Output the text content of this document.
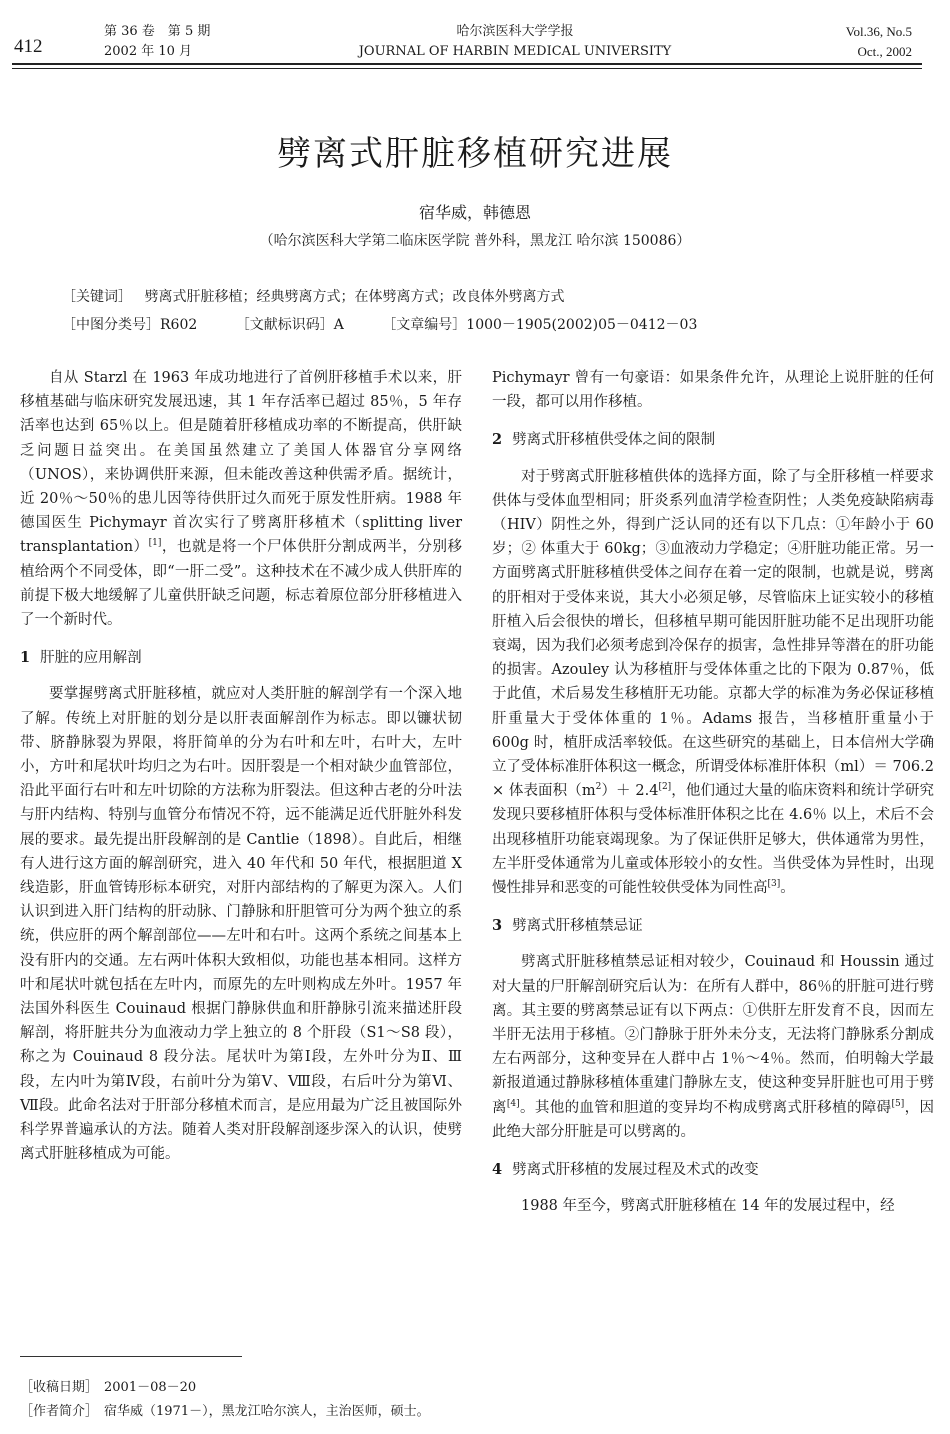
412
第 36 卷　第 5 期
2002 年 10 月
哈尔滨医科大学学报
JOURNAL OF HARBIN MEDICAL UNIVERSITY
Vol.36, No.5
Oct., 2002
劈离式肝脏移植研究进展
宿华威，韩德恩
（哈尔滨医科大学第二临床医学院 普外科，黑龙江 哈尔滨 150086）
［关键词］ 劈离式肝脏移植；经典劈离方式；在体劈离方式；改良体外劈离方式
［中图分类号］R602	［文献标识码］A	［文章编号］1000－1905(2002)05－0412－03

自从 Starzl 在 1963 年成功地进行了首例肝移植手术以来，肝移植基础与临床研究发展迅速，其 1 年存活率已超过 85％，5 年存活率也达到 65％以上。但是随着肝移植成功率的不断提高，供肝缺乏问题日益突出。在美国虽然建立了美国人体器官分享网络（UNOS），来协调供肝来源，但未能改善这种供需矛盾。据统计，近 20％～50％的患儿因等待供肝过久而死于原发性肝病。1988 年德国医生 Pichymayr 首次实行了劈离肝移植术（splitting liver transplantation）[1]，也就是将一个尸体供肝分割成两半，分别移植给两个不同受体，即“一肝二受”。这种技术在不减少成人供肝库的前提下极大地缓解了儿童供肝缺乏问题，标志着原位部分肝移植进入了一个新时代。

1 肝脏的应用解剖

要掌握劈离式肝脏移植，就应对人类肝脏的解剖学有一个深入地了解。传统上对肝脏的划分是以肝表面解剖作为标志。即以镰状韧带、脐静脉裂为界限，将肝简单的分为右叶和左叶，右叶大，左叶小，方叶和尾状叶均归之为右叶。因肝裂是一个相对缺少血管部位，沿此平面行右叶和左叶切除的方法称为肝裂法。但这种古老的分叶法与肝内结构、特别与血管分布情况不符，远不能满足近代肝脏外科发展的要求。最先提出肝段解剖的是 Cantlie（1898）。自此后，相继有人进行这方面的解剖研究，进入 40 年代和 50 年代，根据胆道 X 线造影，肝血管铸形标本研究，对肝内部结构的了解更为深入。人们认识到进入肝门结构的肝动脉、门静脉和肝胆管可分为两个独立的系统，供应肝的两个解剖部位——左叶和右叶。这两个系统之间基本上没有肝内的交通。左右两叶体积大致相似，功能也基本相同。这样方叶和尾状叶就包括在左叶内，而原先的左叶则构成左外叶。1957 年法国外科医生 Couinaud 根据门静脉供血和肝静脉引流来描述肝段解剖，将肝脏共分为血液动力学上独立的 8 个肝段（S1～S8 段），称之为 Couinaud 8 段分法。尾状叶为第Ⅰ段，左外叶分为Ⅱ、Ⅲ段，左内叶为第Ⅳ段，右前叶分为第Ⅴ、Ⅷ段，右后叶分为第Ⅵ、Ⅶ段。此命名法对于肝部分移植术而言，是应用最为广泛且被国际外科学界普遍承认的方法。随着人类对肝段解剖逐步深入的认识，使劈离式肝脏移植成为可能。

Pichymayr 曾有一句豪语：如果条件允许，从理论上说肝脏的任何一段，都可以用作移植。

2 劈离式肝移植供受体之间的限制

对于劈离式肝脏移植供体的选择方面，除了与全肝移植一样要求供体与受体血型相同；肝炎系列血清学检查阴性；人类免疫缺陷病毒（HIV）阴性之外，得到广泛认同的还有以下几点：①年龄小于 60 岁；② 体重大于 60kg；③血液动力学稳定；④肝脏功能正常。另一方面劈离式肝脏移植供受体之间存在着一定的限制，也就是说，劈离的肝相对于受体来说，其大小必须足够，尽管临床上证实较小的移植肝植入后会很快的增长，但移植早期可能因肝脏功能不足出现肝功能衰竭，因为我们必须考虑到冷保存的损害，急性排异等潜在的肝功能的损害。Azouley 认为移植肝与受体体重之比的下限为 0.87％，低于此值，术后易发生移植肝无功能。京都大学的标准为务必保证移植肝重量大于受体体重的 1％。Adams 报告，当移植肝重量小于 600g 时，植肝成活率较低。在这些研究的基础上，日本信州大学确立了受体标准肝体积这一概念，所谓受体标准肝体积（ml）＝ 706.2 × 体表面积$(m^2)+ 2.4[2]$，他们通过大量的临床资料和统计学研究发现只要移植肝体积与受体标准肝体积之比在 4.6％ 以上，术后不会出现移植肝功能衰竭现象。为了保证供肝足够大，供体通常为男性，左半肝受体通常为儿童或体形较小的女性。当供受体为异性时，出现慢性排异和恶变的可能性较供受体为同性高[3]。

3 劈离式肝移植禁忌证

劈离式肝脏移植禁忌证相对较少，Couinaud 和 Houssin 通过对大量的尸肝解剖研究后认为：在所有人群中，86％的肝脏可进行劈离。其主要的劈离禁忌证有以下两点：①供肝左肝发育不良，因而左半肝无法用于移植。②门静脉于肝外未分支，无法将门静脉系分割成左右两部分，这种变异在人群中占 1％～4％。然而，伯明翰大学最新报道通过静脉移植体重建门静脉左支，使这种变异肝脏也可用于劈离[4]。其他的血管和胆道的变异均不构成劈离式肝移植的障碍[5]，因此绝大部分肝脏是可以劈离的。

4 劈离式肝移植的发展过程及术式的改变

1988 年至今，劈离式肝脏移植在 14 年的发展过程中，经

［收稿日期］ 2001－08－20
［作者简介］ 宿华威（1971－），黑龙江哈尔滨人，主治医师，硕士。
